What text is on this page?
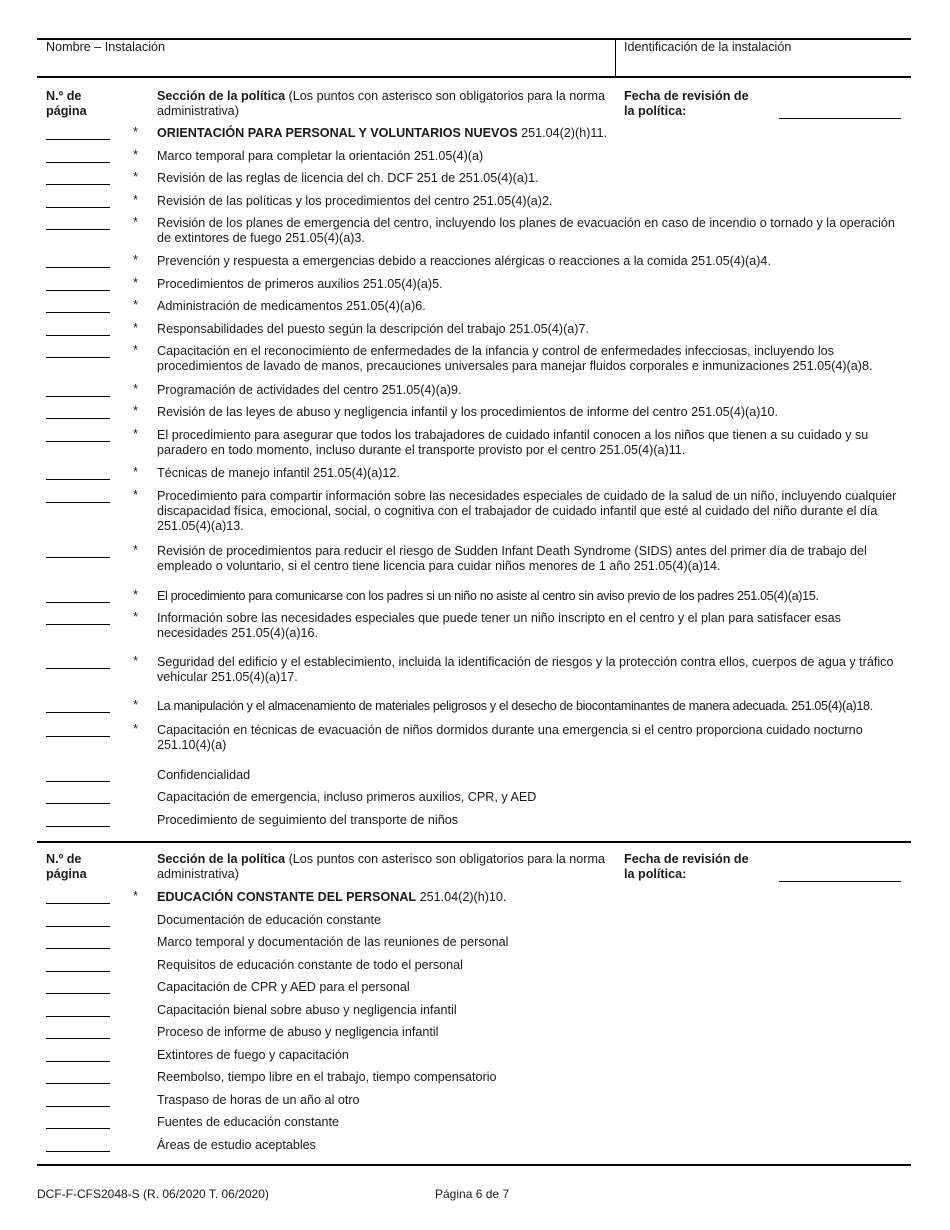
Nombre – Instalación	Identificación de la instalación
N.º de
página
Sección de la política (Los puntos con asterisco son obligatorios para la norma administrativa)
Fecha de revisión de
la política:
* ORIENTACIÓN PARA PERSONAL Y VOLUNTARIOS NUEVOS 251.04(2)(h)11.
* Marco temporal para completar la orientación 251.05(4)(a)
* Revisión de las reglas de licencia del ch. DCF 251 de 251.05(4)(a)1.
* Revisión de las políticas y los procedimientos del centro 251.05(4)(a)2.
* Revisión de los planes de emergencia del centro, incluyendo los planes de evacuación en caso de incendio o tornado y la operación de extintores de fuego 251.05(4)(a)3.
* Prevención y respuesta a emergencias debido a reacciones alérgicas o reacciones a la comida 251.05(4)(a)4.
* Procedimientos de primeros auxilios 251.05(4)(a)5.
* Administración de medicamentos 251.05(4)(a)6.
* Responsabilidades del puesto según la descripción del trabajo 251.05(4)(a)7.
* Capacitación en el reconocimiento de enfermedades de la infancia y control de enfermedades infecciosas, incluyendo los procedimientos de lavado de manos, precauciones universales para manejar fluidos corporales e inmunizaciones 251.05(4)(a)8.
* Programación de actividades del centro 251.05(4)(a)9.
* Revisión de las leyes de abuso y negligencia infantil y los procedimientos de informe del centro 251.05(4)(a)10.
* El procedimiento para asegurar que todos los trabajadores de cuidado infantil conocen a los niños que tienen a su cuidado y su paradero en todo momento, incluso durante el transporte provisto por el centro 251.05(4)(a)11.
* Técnicas de manejo infantil 251.05(4)(a)12.
* Procedimiento para compartir información sobre las necesidades especiales de cuidado de la salud de un niño, incluyendo cualquier discapacidad física, emocional, social, o cognitiva con el trabajador de cuidado infantil que esté al cuidado del niño durante el día 251.05(4)(a)13.
* Revisión de procedimientos para reducir el riesgo de Sudden Infant Death Syndrome (SIDS) antes del primer día de trabajo del empleado o voluntario, si el centro tiene licencia para cuidar niños menores de 1 año 251.05(4)(a)14.
* El procedimiento para comunicarse con los padres si un niño no asiste al centro sin aviso previo de los padres 251.05(4)(a)15.
* Información sobre las necesidades especiales que puede tener un niño inscripto en el centro y el plan para satisfacer esas necesidades 251.05(4)(a)16.
* Seguridad del edificio y el establecimiento, incluida la identificación de riesgos y la protección contra ellos, cuerpos de agua y tráfico vehicular 251.05(4)(a)17.
* La manipulación y el almacenamiento de materiales peligrosos y el desecho de biocontaminantes de manera adecuada. 251.05(4)(a)18.
* Capacitación en técnicas de evacuación de niños dormidos durante una emergencia si el centro proporciona cuidado nocturno 251.10(4)(a)
Confidencialidad
Capacitación de emergencia, incluso primeros auxilios, CPR, y AED
Procedimiento de seguimiento del transporte de niños
N.º de
página
Sección de la política (Los puntos con asterisco son obligatorios para la norma administrativa)
Fecha de revisión de
la política:
* EDUCACIÓN CONSTANTE DEL PERSONAL 251.04(2)(h)10.
Documentación de educación constante
Marco temporal y documentación de las reuniones de personal
Requisitos de educación constante de todo el personal
Capacitación de CPR y AED para el personal
Capacitación bienal sobre abuso y negligencia infantil
Proceso de informe de abuso y negligencia infantil
Extintores de fuego y capacitación
Reembolso, tiempo libre en el trabajo, tiempo compensatorio
Traspaso de horas de un año al otro
Fuentes de educación constante
Áreas de estudio aceptables
DCF-F-CFS2048-S (R. 06/2020 T. 06/2020)	Página 6 de 7
